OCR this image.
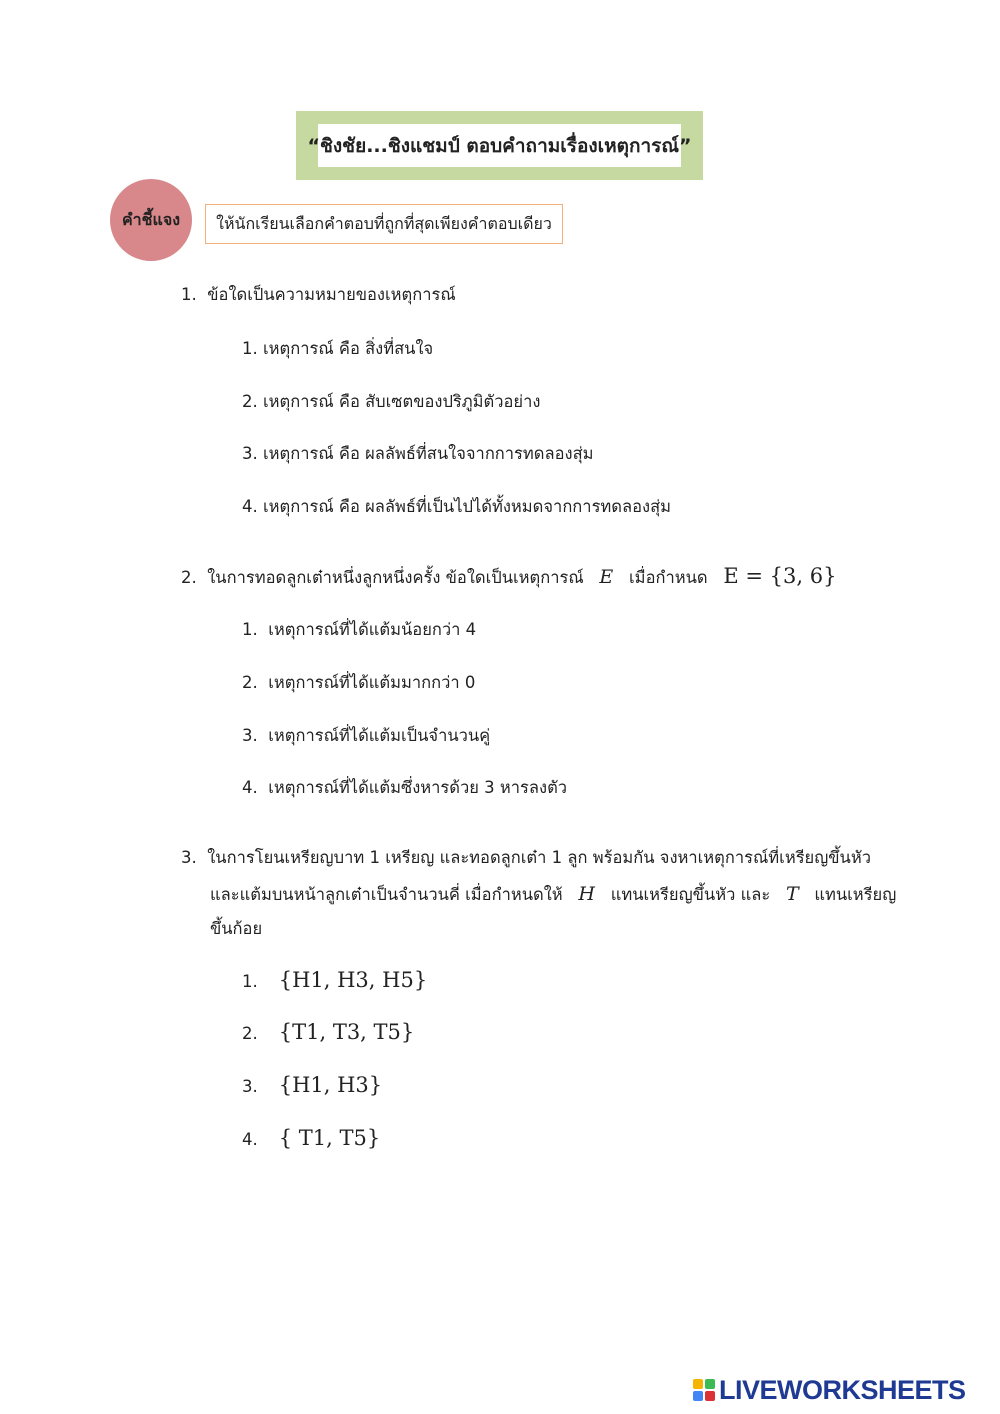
“ชิงชัย...ชิงแชมป์ ตอบคำถามเรื่องเหตุการณ์”
คำชี้แจง	ให้นักเรียนเลือกคำตอบที่ถูกที่สุดเพียงคำตอบเดียว
1. ข้อใดเป็นความหมายของเหตุการณ์
1. เหตุการณ์ คือ สิ่งที่สนใจ
2. เหตุการณ์ คือ สับเซตของปริภูมิตัวอย่าง
3. เหตุการณ์ คือ ผลลัพธ์ที่สนใจจากการทดลองสุ่ม
4. เหตุการณ์ คือ ผลลัพธ์ที่เป็นไปได้ทั้งหมดจากการทดลองสุ่ม
2. ในการทอดลูกเต๋าหนึ่งลูกหนึ่งครั้ง ข้อใดเป็นเหตุการณ์ E เมื่อกำหนด E = {3, 6}
1. เหตุการณ์ที่ได้แต้มน้อยกว่า 4
2. เหตุการณ์ที่ได้แต้มมากกว่า 0
3. เหตุการณ์ที่ได้แต้มเป็นจำนวนคู่
4. เหตุการณ์ที่ได้แต้มซึ่งหารด้วย 3 หารลงตัว
3. ในการโยนเหรียญบาท 1 เหรียญ และทอดลูกเต๋า 1 ลูก พร้อมกัน จงหาเหตุการณ์ที่เหรียญขึ้นหัว
และแต้มบนหน้าลูกเต๋าเป็นจำนวนคี่ เมื่อกำหนดให้ H แทนเหรียญขึ้นหัว และ T แทนเหรียญ
ขึ้นก้อย
1. {H1, H3, H5}
2. {T1, T3, T5}
3. {H1, H3}
4. { T1, T5}
LIVEWORKSHEETS
